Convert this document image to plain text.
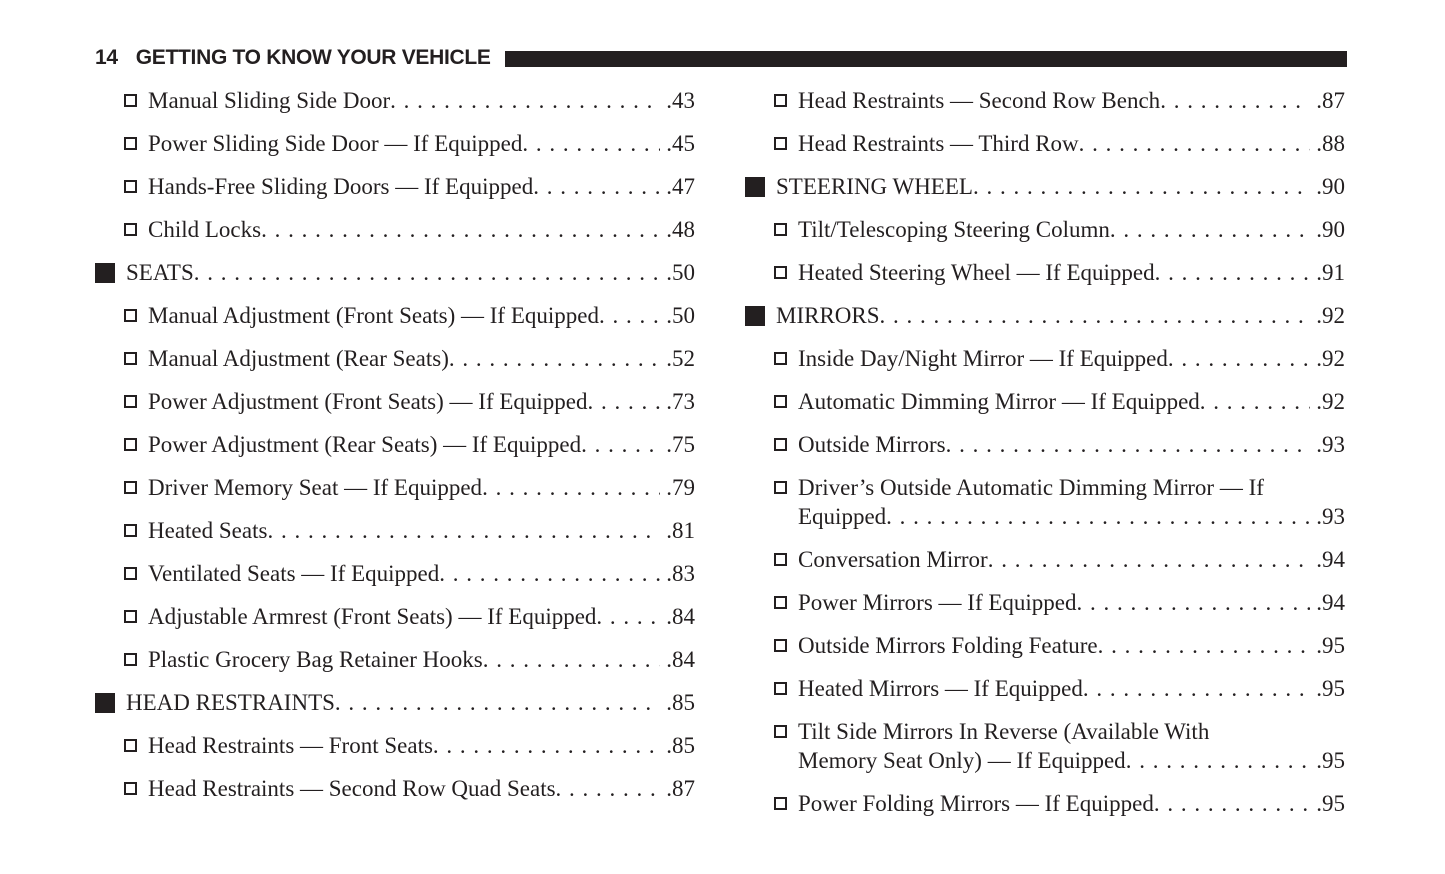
14 GETTING TO KNOW YOUR VEHICLE
Manual Sliding Side Door . . .	. 43
Power Sliding Side Door — If Equipped . . .	. 45
Hands-Free Sliding Doors — If Equipped . . .	. 47
Child Locks . . .	. 48
SEATS . . .	. 50
Manual Adjustment (Front Seats) — If Equipped . . .	. 50
Manual Adjustment (Rear Seats) . . .	. 52
Power Adjustment (Front Seats) — If Equipped . . .	. 73
Power Adjustment (Rear Seats) — If Equipped . . .	. 75
Driver Memory Seat — If Equipped . . .	. 79
Heated Seats . . .	. 81
Ventilated Seats — If Equipped . . .	. 83
Adjustable Armrest (Front Seats) — If Equipped . . .	. 84
Plastic Grocery Bag Retainer Hooks . . .	. 84
HEAD RESTRAINTS . . .	. 85
Head Restraints — Front Seats . . .	. 85
Head Restraints — Second Row Quad Seats . . .	. 87
Head Restraints — Second Row Bench . . .	. 87
Head Restraints — Third Row . . .	. 88
STEERING WHEEL . . .	. 90
Tilt/Telescoping Steering Column . . .	. 90
Heated Steering Wheel — If Equipped . . .	. 91
MIRRORS . . .	. 92
Inside Day/Night Mirror — If Equipped . . .	. 92
Automatic Dimming Mirror — If Equipped . . .	. 92
Outside Mirrors . . .	. 93
Driver’s Outside Automatic Dimming Mirror — If Equipped . . .	. 93
Conversation Mirror . . .	. 94
Power Mirrors — If Equipped . . .	. 94
Outside Mirrors Folding Feature . . .	. 95
Heated Mirrors — If Equipped . . .	. 95
Tilt Side Mirrors In Reverse (Available With Memory Seat Only) — If Equipped . . .	. 95
Power Folding Mirrors — If Equipped . . .	. 95
